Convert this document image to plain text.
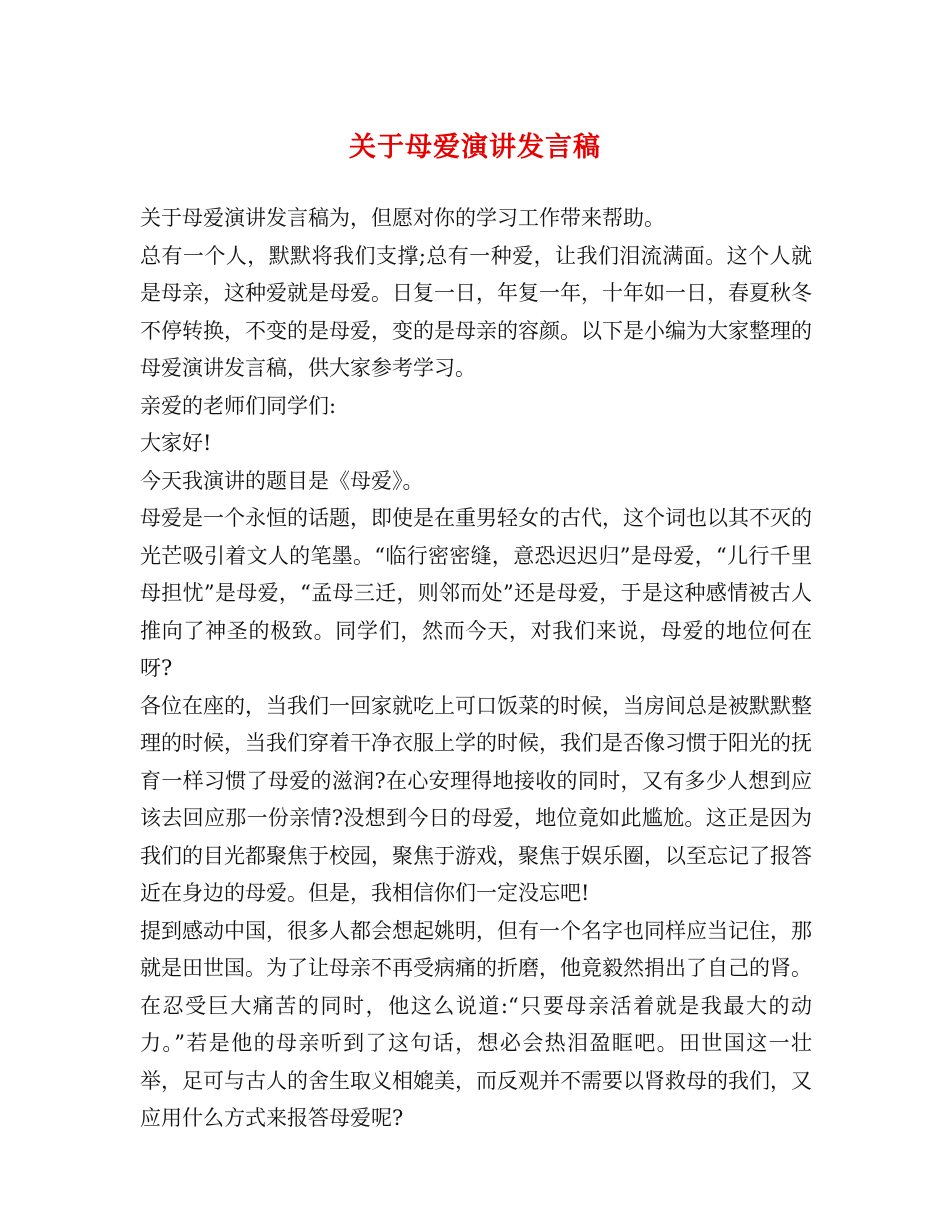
关于母爱演讲发言稿

关于母爱演讲发言稿为，但愿对你的学习工作带来帮助。

总有一个人，默默将我们支撑;总有一种爱，让我们泪流满面。这个人就是母亲，这种爱就是母爱。日复一日，年复一年，十年如一日，春夏秋冬不停转换，不变的是母爱，变的是母亲的容颜。以下是小编为大家整理的母爱演讲发言稿，供大家参考学习。

亲爱的老师们同学们:

大家好!

今天我演讲的题目是《母爱》。

母爱是一个永恒的话题，即使是在重男轻女的古代，这个词也以其不灭的光芒吸引着文人的笔墨。“临行密密缝，意恐迟迟归”是母爱，“儿行千里母担忧”是母爱，“孟母三迁，则邻而处”还是母爱，于是这种感情被古人推向了神圣的极致。同学们，然而今天，对我们来说，母爱的地位何在呀?

各位在座的，当我们一回家就吃上可口饭菜的时候，当房间总是被默默整理的时候，当我们穿着干净衣服上学的时候，我们是否像习惯于阳光的抚育一样习惯了母爱的滋润?在心安理得地接收的同时，又有多少人想到应该去回应那一份亲情?没想到今日的母爱，地位竟如此尴尬。这正是因为我们的目光都聚焦于校园，聚焦于游戏，聚焦于娱乐圈，以至忘记了报答近在身边的母爱。但是，我相信你们一定没忘吧!

提到感动中国，很多人都会想起姚明，但有一个名字也同样应当记住，那就是田世国。为了让母亲不再受病痛的折磨，他竟毅然捐出了自己的肾。在忍受巨大痛苦的同时，他这么说道:“只要母亲活着就是我最大的动力。”若是他的母亲听到了这句话，想必会热泪盈眶吧。田世国这一壮举，足可与古人的舍生取义相媲美，而反观并不需要以肾救母的我们，又应用什么方式来报答母爱呢?
